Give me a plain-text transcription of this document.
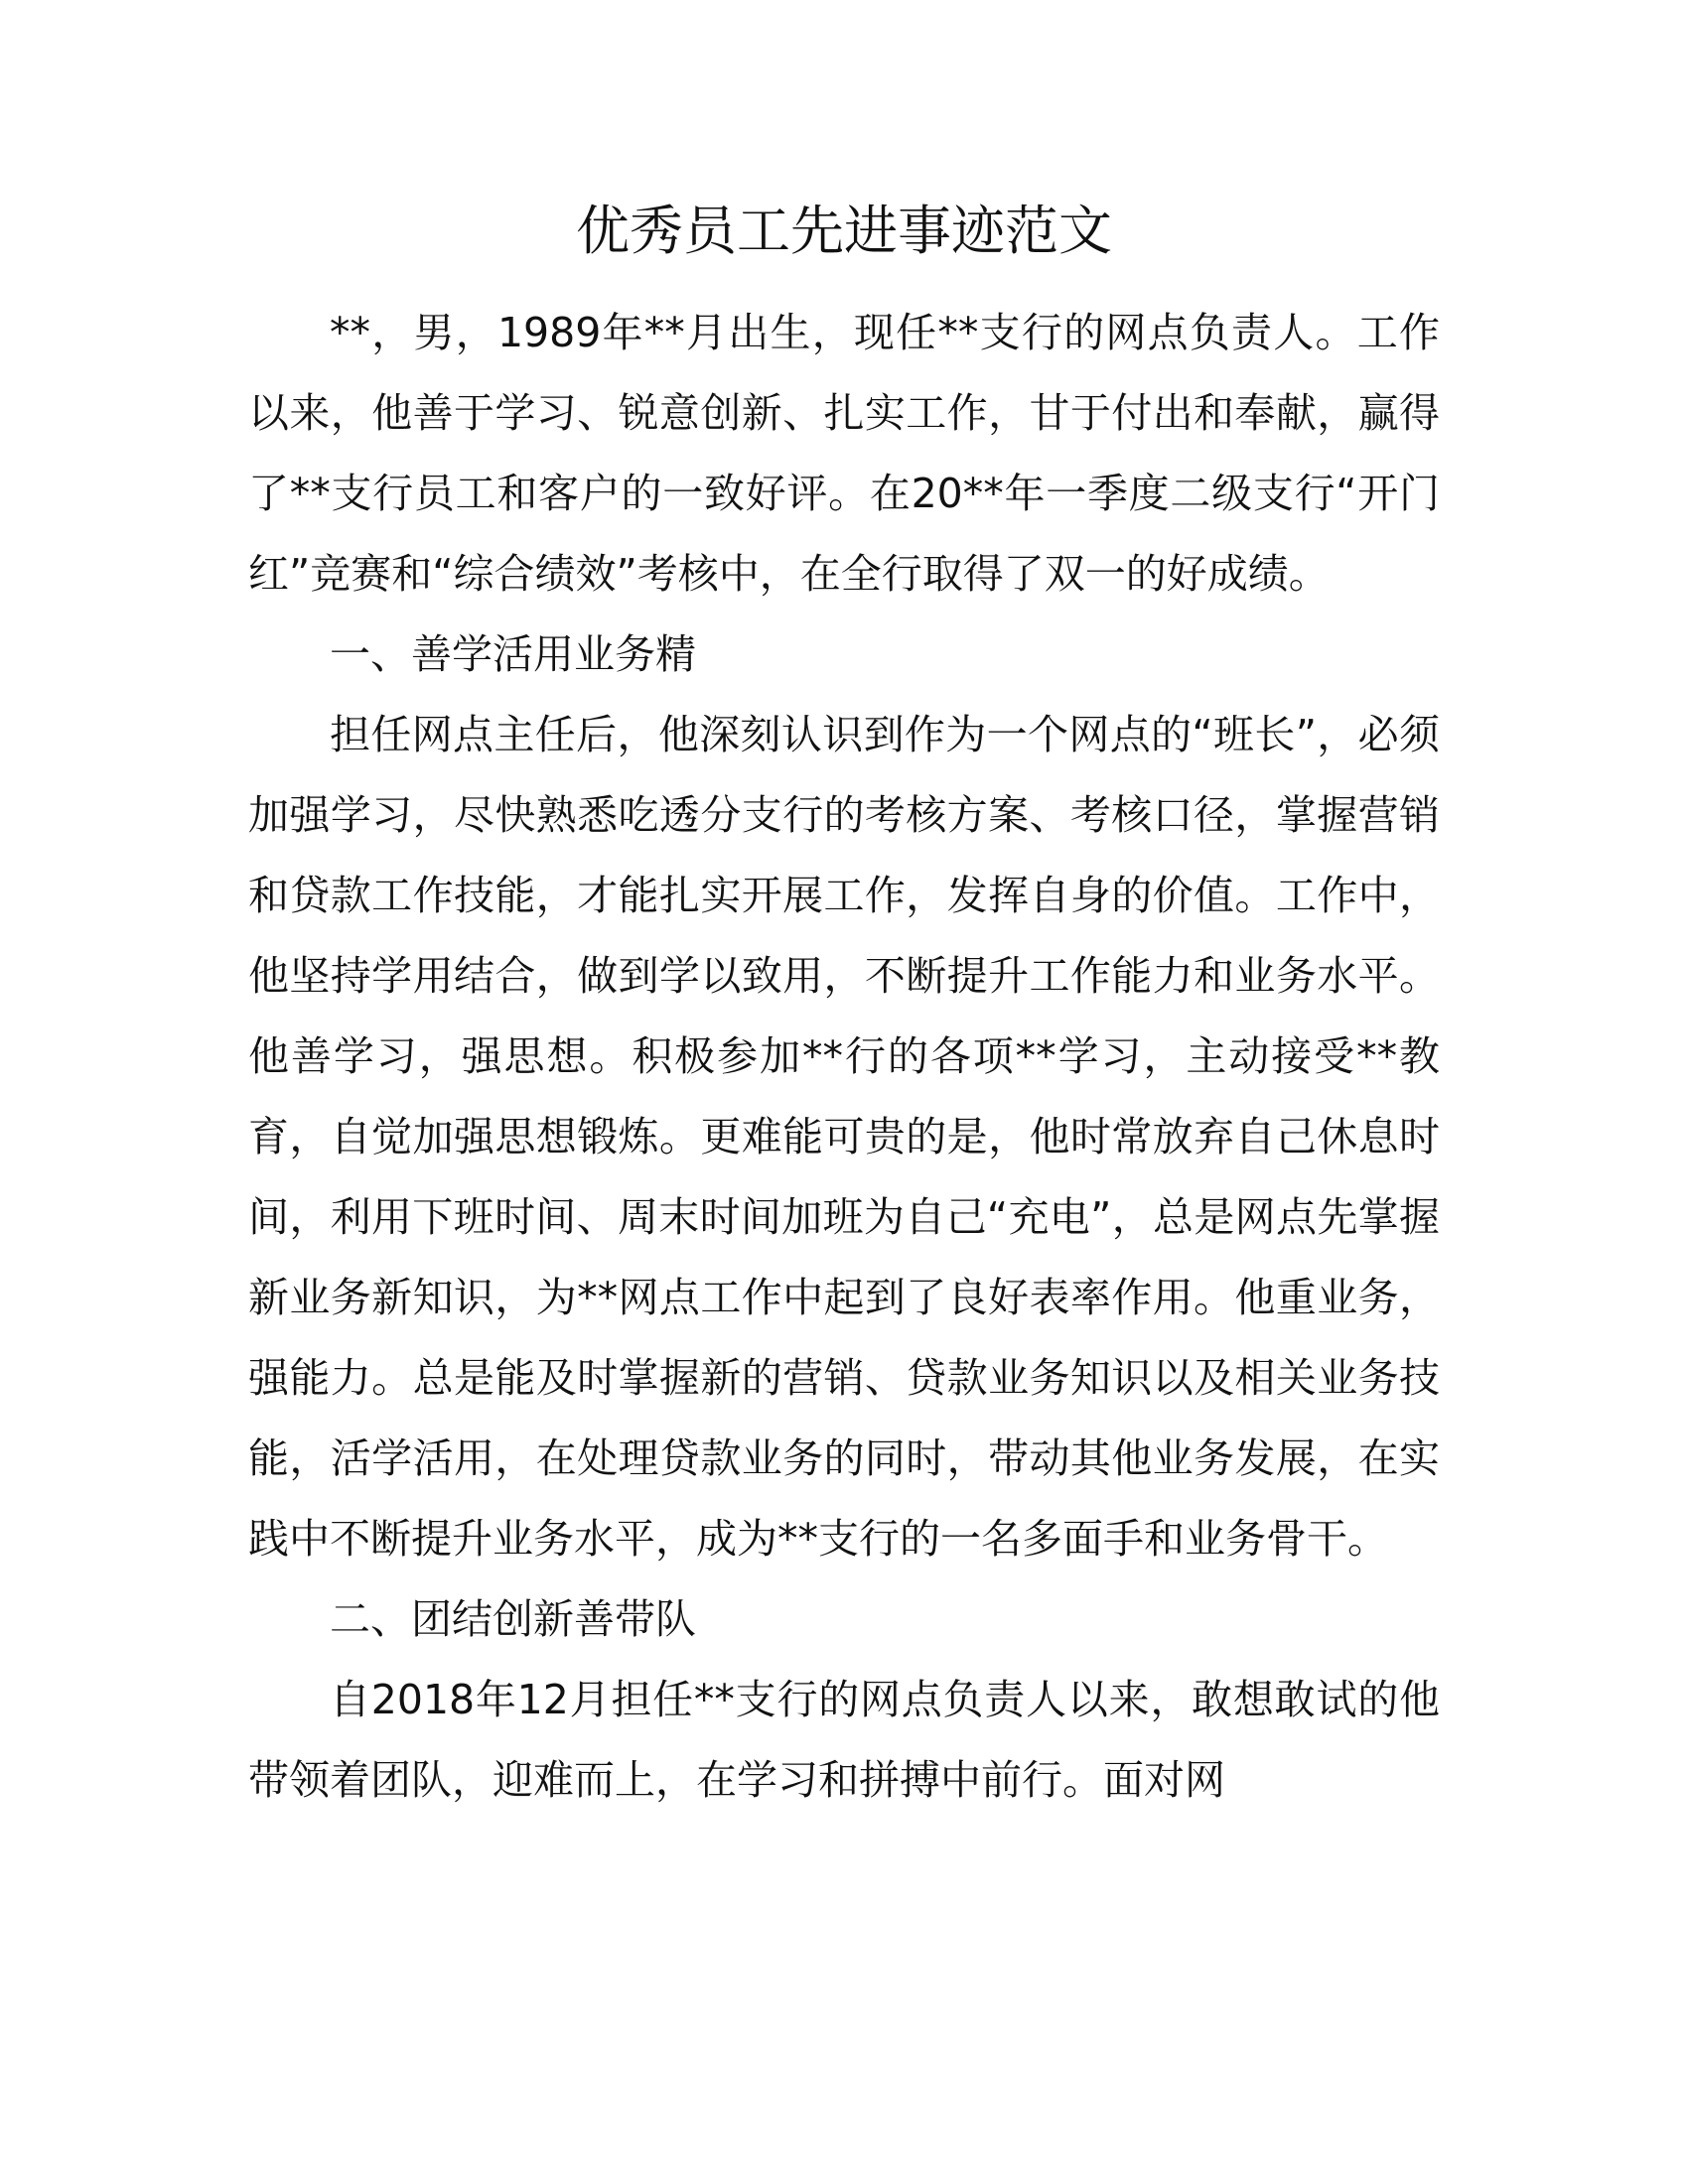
优秀员工先进事迹范文

**，男，1989年**月出生，现任**支行的网点负责人。工作以来，他善于学习、锐意创新、扎实工作，甘于付出和奉献，赢得了**支行员工和客户的一致好评。在20**年一季度二级支行“开门红”竞赛和“综合绩效”考核中，在全行取得了双一的好成绩。

一、善学活用业务精

担任网点主任后，他深刻认识到作为一个网点的“班长”，必须加强学习，尽快熟悉吃透分支行的考核方案、考核口径，掌握营销和贷款工作技能，才能扎实开展工作，发挥自身的价值。工作中，他坚持学用结合，做到学以致用，不断提升工作能力和业务水平。他善学习，强思想。积极参加**行的各项**学习，主动接受**教育，自觉加强思想锻炼。更难能可贵的是，他时常放弃自己休息时间，利用下班时间、周末时间加班为自己“充电”，总是网点先掌握新业务新知识，为**网点工作中起到了良好表率作用。他重业务，强能力。总是能及时掌握新的营销、贷款业务知识以及相关业务技能，活学活用，在处理贷款业务的同时，带动其他业务发展，在实践中不断提升业务水平，成为**支行的一名多面手和业务骨干。

二、团结创新善带队

自2018年12月担任**支行的网点负责人以来，敢想敢试的他带领着团队，迎难而上，在学习和拼搏中前行。面对网
